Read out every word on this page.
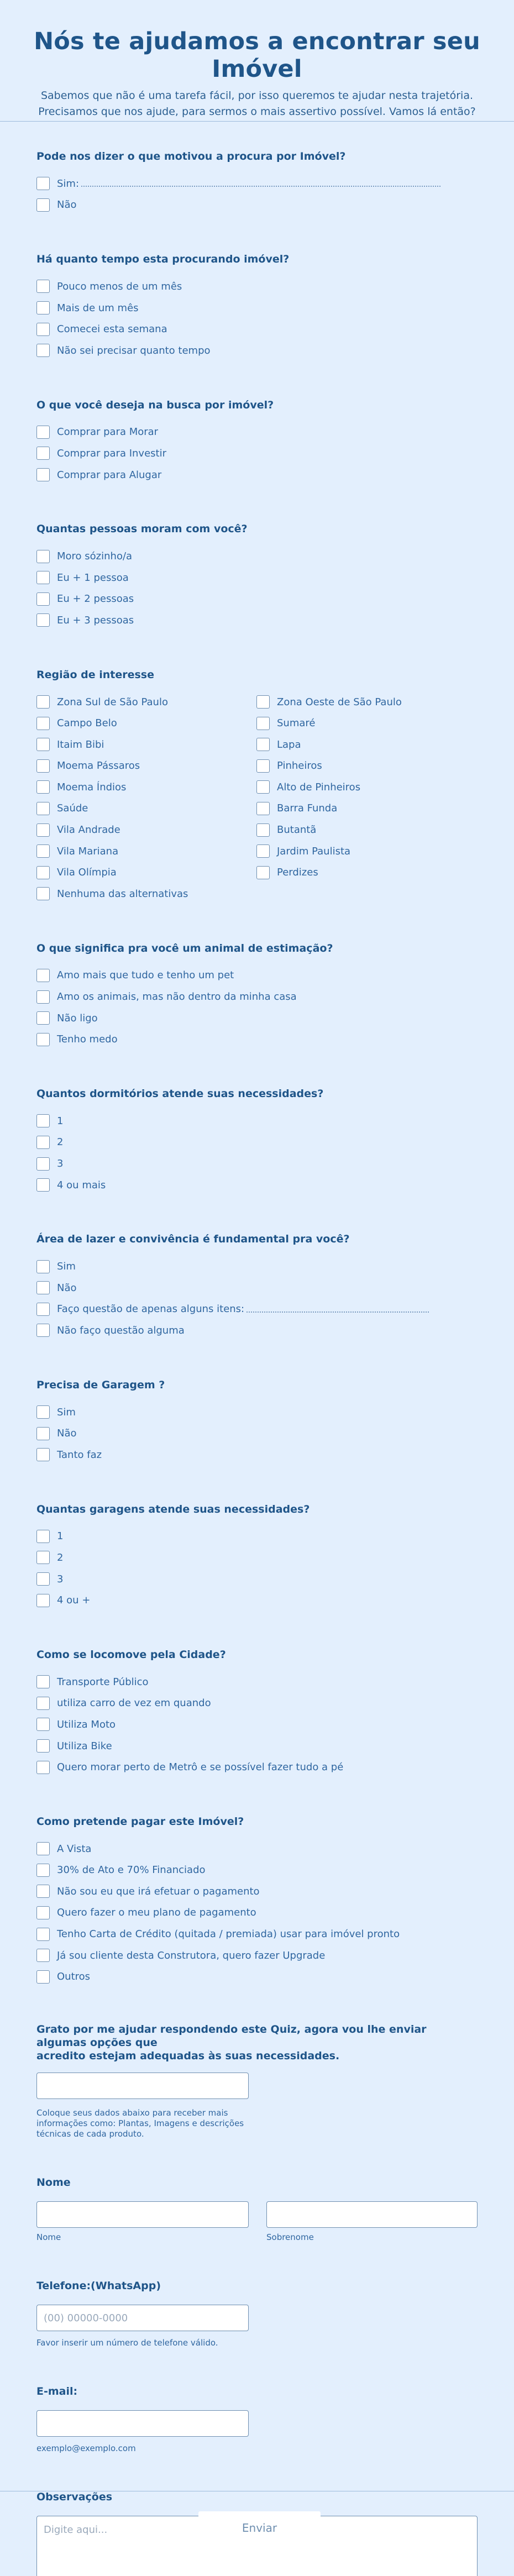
Nós te ajudamos a encontrar seu Imóvel

Sabemos que não é uma tarefa fácil, por isso queremos te ajudar nesta trajetória.
Precisamos que nos ajude, para sermos o mais assertivo possível. Vamos lá então?

Pode nos dizer o que motivou a procura por Imóvel?
Sim:
Não
Há quanto tempo esta procurando imóvel?
Pouco menos de um mês
Mais de um mês
Comecei esta semana
Não sei precisar quanto tempo
O que você deseja na busca por imóvel?
Comprar para Morar
Comprar para Investir
Comprar para Alugar
Quantas pessoas moram com você?
Moro sózinho/a
Eu + 1 pessoa
Eu + 2 pessoas
Eu + 3 pessoas
Região de interesse
Zona Sul de São Paulo
Campo Belo
Itaim Bibi
Moema Pássaros
Moema Índios
Saúde
Vila Andrade
Vila Mariana
Vila Olímpia
Nenhuma das alternativas
Zona Oeste de São Paulo
Sumaré
Lapa
Pinheiros
Alto de Pinheiros
Barra Funda
Butantã
Jardim Paulista
Perdizes
O que significa pra você um animal de estimação?
Amo mais que tudo e tenho um pet
Amo os animais, mas não dentro da minha casa
Não ligo
Tenho medo
Quantos dormitórios atende suas necessidades?
1
2
3
4 ou mais
Área de lazer e convivência é fundamental pra você?
Sim
Não
Faço questão de apenas alguns itens:
Não faço questão alguma
Precisa de Garagem ?
Sim
Não
Tanto faz
Quantas garagens atende suas necessidades?
1
2
3
4 ou +
Como se locomove pela Cidade?
Transporte Público
utiliza carro de vez em quando
Utiliza Moto
Utiliza Bike
Quero morar perto de Metrô e se possível fazer tudo a pé
Como pretende pagar este Imóvel?
A Vista
30% de Ato e 70% Financiado
Não sou eu que irá efetuar o pagamento
Quero fazer o meu plano de pagamento
Tenho Carta de Crédito (quitada / premiada) usar para imóvel pronto
Já sou cliente desta Construtora, quero fazer Upgrade
Outros
Grato por me ajudar respondendo este Quiz, agora vou lhe enviar algumas opções que
acredito estejam adequadas às suas necessidades.
Coloque seus dados abaixo para receber mais
informações como: Plantas, Imagens e descrições
técnicas de cada produto.
Nome
Nome	Sobrenome
Telefone:(WhatsApp)
(00) 00000-0000
Favor inserir um número de telefone válido.
E-mail:
exemplo@exemplo.com
Observações
Digite aqui...	Enviar
